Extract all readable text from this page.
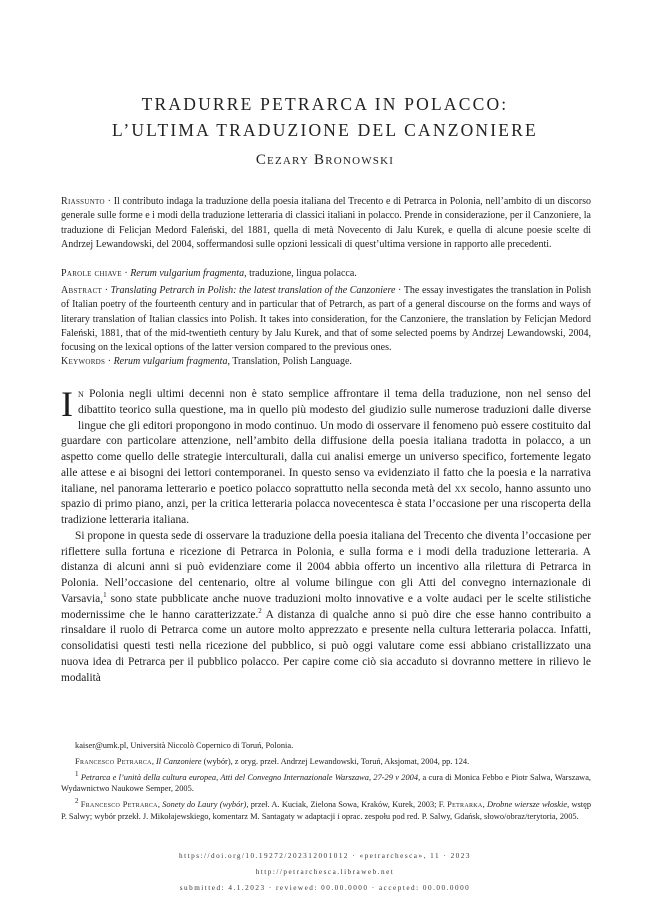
TRADURRE PETRARCA IN POLACCO:
L’ULTIMA TRADUZIONE DEL CANZONIERE
Cezary Bronowski
Riassunto · Il contributo indaga la traduzione della poesia italiana del Trecento e di Petrarca in Polonia, nell’ambito di un discorso generale sulle forme e i modi della traduzione letteraria di classici italiani in polacco. Prende in considerazione, per il Canzoniere, la traduzione di Felicjan Medord Faleński, del 1881, quella di metà Novecento di Jalu Kurek, e quella di alcune poesie scelte di Andrzej Lewandowski, del 2004, soffermandosi sulle opzioni lessicali di quest’ultima versione in rapporto alle precedenti.
Parole chiave · Rerum vulgarium fragmenta, traduzione, lingua polacca.
Abstract · Translating Petrarch in Polish: the latest translation of the Canzoniere · The essay investigates the translation in Polish of Italian poetry of the fourteenth century and in particular that of Petrarch, as part of a general discourse on the forms and ways of literary translation of Italian classics into Polish. It takes into consideration, for the Canzoniere, the translation by Felicjan Medord Faleński, 1881, that of the mid-twentieth century by Jalu Kurek, and that of some selected poems by Andrzej Lewandowski, 2004, focusing on the lexical options of the latter version compared to the previous ones.
Keywords · Rerum vulgarium fragmenta, Translation, Polish Language.

In Polonia negli ultimi decenni non è stato semplice affrontare il tema della traduzione, non nel senso del dibattito teorico sulla questione, ma in quello più modesto del giudizio sulle numerose traduzioni dalle diverse lingue che gli editori propongono in modo continuo. Un modo di osservare il fenomeno può essere costituito dal guardare con particolare attenzione, nell’ambito della diffusione della poesia italiana tradotta in polacco, a un aspetto come quello delle strategie interculturali, dalla cui analisi emerge un universo specifico, fortemente legato alle attese e ai bisogni dei lettori contemporanei. In questo senso va evidenziato il fatto che la poesia e la narrativa italiane, nel panorama letterario e poetico polacco soprattutto nella seconda metà del xx secolo, hanno assunto uno spazio di primo piano, anzi, per la critica letteraria polacca novecentesca è stata l’occasione per una riscoperta della tradizione letteraria italiana.

Si propone in questa sede di osservare la traduzione della poesia italiana del Trecento che diventa l’occasione per riflettere sulla fortuna e ricezione di Petrarca in Polonia, e sulla forma e i modi della traduzione letteraria. A distanza di alcuni anni si può evidenziare come il 2004 abbia offerto un incentivo alla rilettura di Petrarca in Polonia. Nell’occasione del centenario, oltre al volume bilingue con gli Atti del convegno internazionale di Varsavia,$^1$ sono state pubblicate anche nuove traduzioni molto innovative e a volte audaci per le scelte stilistiche modernissime che le hanno caratterizzate.$^2$ A distanza di qualche anno si può dire che esse hanno contribuito a rinsaldare il ruolo di Petrarca come un autore molto apprezzato e presente nella cultura letteraria polacca. Infatti, consolidatisi questi testi nella ricezione del pubblico, si può oggi valutare come essi abbiano cristallizzato una nuova idea di Petrarca per il pubblico polacco. Per capire come ciò sia accaduto si dovranno mettere in rilievo le modalità

kaiser@umk.pl, Università Niccolò Copernico di Toruń, Polonia.

Francesco Petrarca, Il Canzoniere (wybór), z oryg. przeł. Andrzej Lewandowski, Toruń, Aksjomat, 2004, pp. 124.

$^1$ Petrarca e l’unità della cultura europea, Atti del Convegno Internazionale Warszawa, 27-29 v 2004, a cura di Monica Febbo e Piotr Salwa, Warszawa, Wydawnictwo Naukowe Semper, 2005.

$^2$ Francesco Petrarca, Sonety do Laury (wybór), przeł. A. Kuciak, Zielona Sowa, Kraków, Kurek, 2003; F. Petrarka, Drobne wiersze włoskie, wstęp P. Salwy; wybór przekł. J. Mikołajewskiego, komentarz M. Santagaty w adaptacji i oprac. zespołu pod red. P. Salwy, Gdańsk, słowo/obraz/terytoria, 2005.

https://doi.org/10.19272/202312001012 · «petrarchesca», 11 · 2023
http://petrarchesca.libraweb.net
submitted: 4.1.2023 · reviewed: 00.00.0000 · accepted: 00.00.0000
